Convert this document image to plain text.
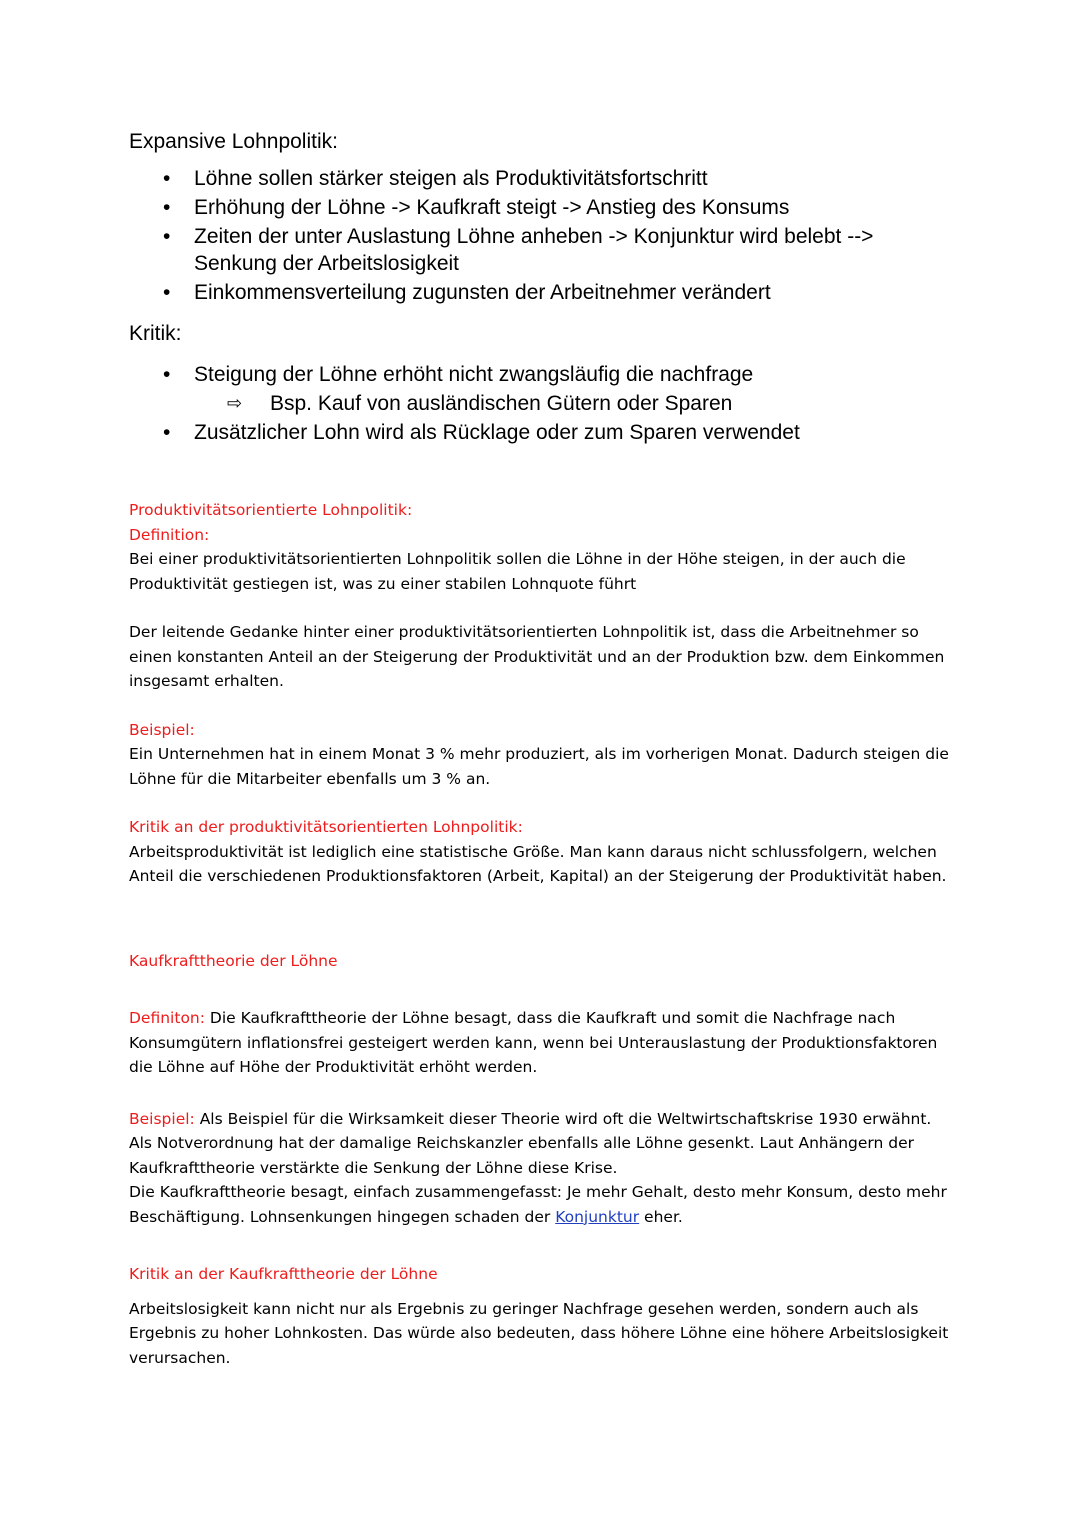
Expansive Lohnpolitik:
• Löhne sollen stärker steigen als Produktivitätsfortschritt
• Erhöhung der Löhne -> Kaufkraft steigt -> Anstieg des Konsums
• Zeiten der unter Auslastung Löhne anheben -> Konjunktur wird belebt --> Senkung der Arbeitslosigkeit
• Einkommensverteilung zugunsten der Arbeitnehmer verändert
Kritik:
• Steigung der Löhne erhöht nicht zwangsläufig die nachfrage
⇨ Bsp. Kauf von ausländischen Gütern oder Sparen
• Zusätzlicher Lohn wird als Rücklage oder zum Sparen verwendet

Produktivitätsorientierte Lohnpolitik:

Definition:

Bei einer produktivitätsorientierten Lohnpolitik sollen die Löhne in der Höhe steigen, in der auch die Produktivität gestiegen ist, was zu einer stabilen Lohnquote führt

Der leitende Gedanke hinter einer produktivitätsorientierten Lohnpolitik ist, dass die Arbeitnehmer so einen konstanten Anteil an der Steigerung der Produktivität und an der Produktion bzw. dem Einkommen insgesamt erhalten.

Beispiel:

Ein Unternehmen hat in einem Monat 3 % mehr produziert, als im vorherigen Monat. Dadurch steigen die Löhne für die Mitarbeiter ebenfalls um 3 % an.

Kritik an der produktivitätsorientierten Lohnpolitik:

Arbeitsproduktivität ist lediglich eine statistische Größe. Man kann daraus nicht schlussfolgern, welchen Anteil die verschiedenen Produktionsfaktoren (Arbeit, Kapital) an der Steigerung der Produktivität haben.

Kaufkrafttheorie der Löhne

Definiton: Die Kaufkrafttheorie der Löhne besagt, dass die Kaufkraft und somit die Nachfrage nach Konsumgütern inflationsfrei gesteigert werden kann, wenn bei Unterauslastung der Produktionsfaktoren die Löhne auf Höhe der Produktivität erhöht werden.

Beispiel: Als Beispiel für die Wirksamkeit dieser Theorie wird oft die Weltwirtschaftskrise 1930 erwähnt. Als Notverordnung hat der damalige Reichskanzler ebenfalls alle Löhne gesenkt. Laut Anhängern der Kaufkrafttheorie verstärkte die Senkung der Löhne diese Krise.

Die Kaufkrafttheorie besagt, einfach zusammengefasst: Je mehr Gehalt, desto mehr Konsum, desto mehr Beschäftigung. Lohnsenkungen hingegen schaden der Konjunktur eher.

Kritik an der Kaufkrafttheorie der Löhne

Arbeitslosigkeit kann nicht nur als Ergebnis zu geringer Nachfrage gesehen werden, sondern auch als Ergebnis zu hoher Lohnkosten. Das würde also bedeuten, dass höhere Löhne eine höhere Arbeitslosigkeit verursachen.
